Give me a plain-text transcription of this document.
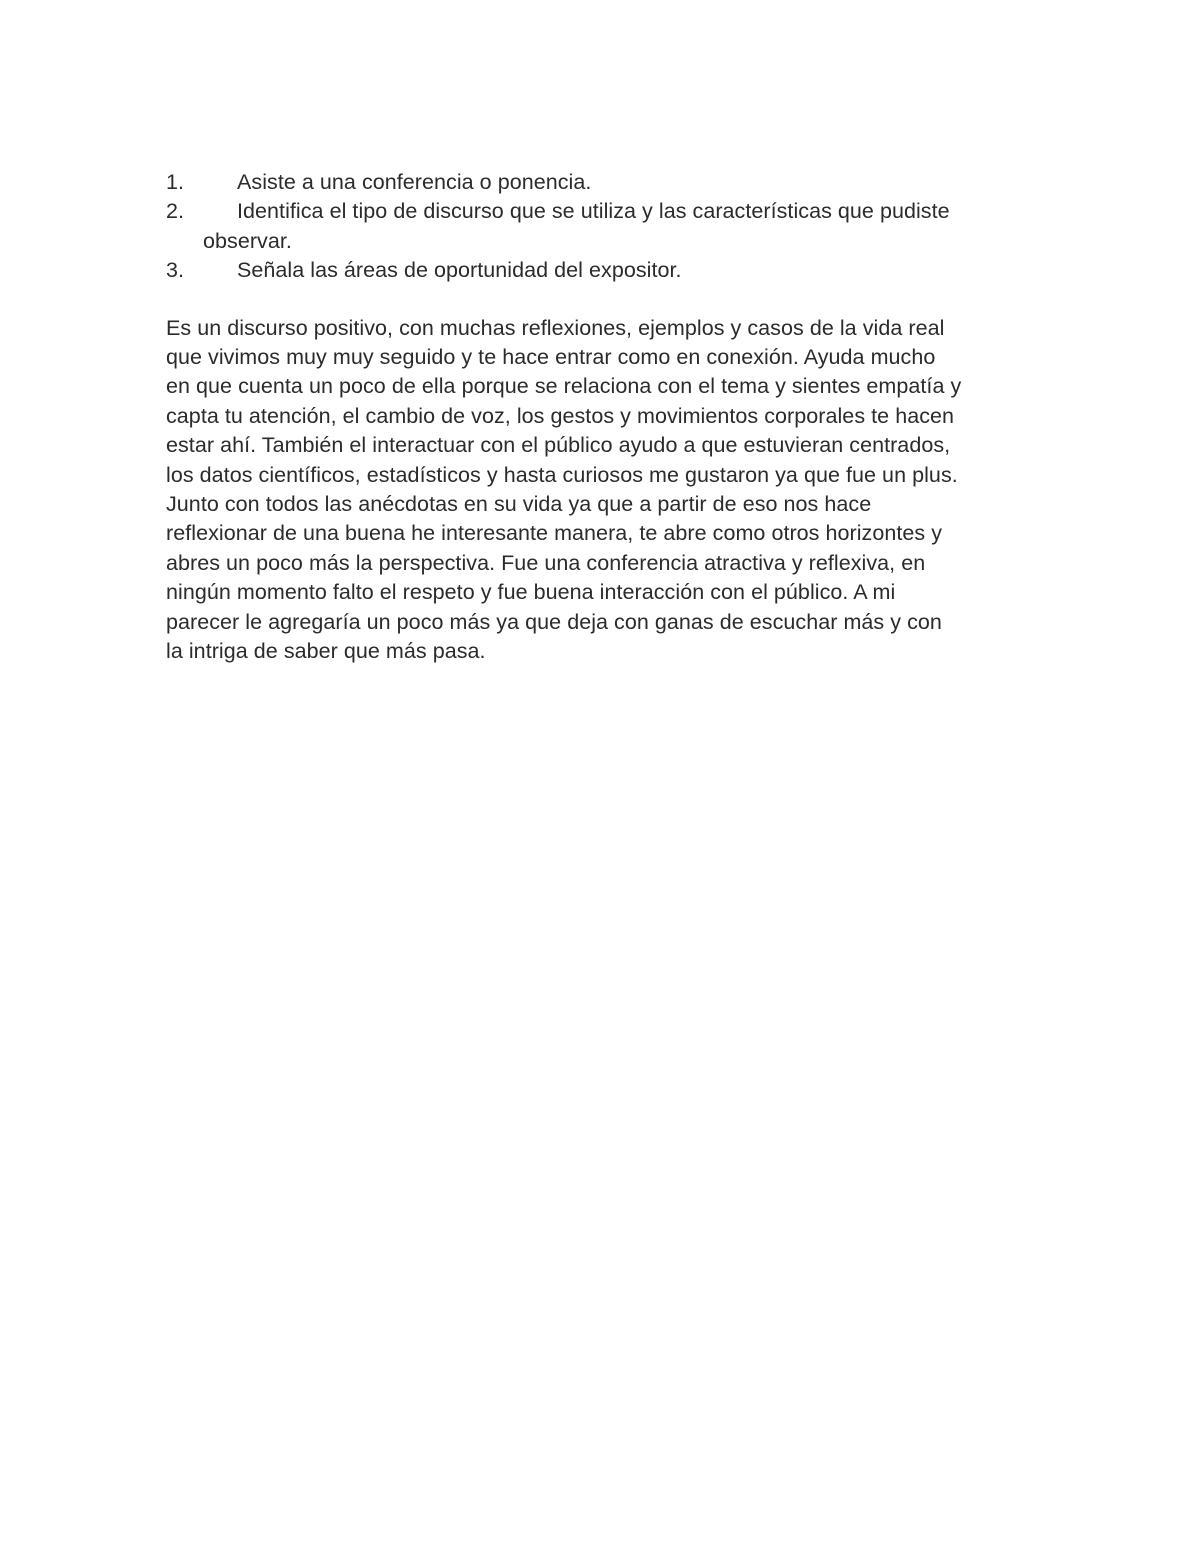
1.	Asiste a una conferencia o ponencia.
2.	Identifica el tipo de discurso que se utiliza y las características que pudiste observar.
3.	Señala las áreas de oportunidad del expositor.
Es un discurso positivo, con muchas reflexiones, ejemplos y casos de la vida real
que vivimos muy muy seguido y te hace entrar como en conexión. Ayuda mucho
en que cuenta un poco de ella porque se relaciona con el tema y sientes empatía y
capta tu atención, el cambio de voz, los gestos y movimientos corporales te hacen
estar ahí. También el interactuar con el público ayudo a que estuvieran centrados,
los datos científicos, estadísticos y hasta curiosos me gustaron ya que fue un plus.
Junto con todos las anécdotas en su vida ya que a partir de eso nos hace
reflexionar de una buena he interesante manera, te abre como otros horizontes y
abres un poco más la perspectiva. Fue una conferencia atractiva y reflexiva, en
ningún momento falto el respeto y fue buena interacción con el público. A mi
parecer le agregaría un poco más ya que deja con ganas de escuchar más y con
la intriga de saber que más pasa.
